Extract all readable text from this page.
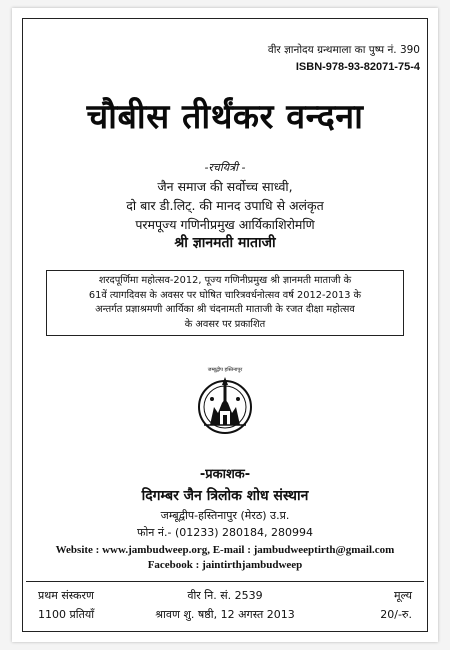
वीर ज्ञानोदय ग्रन्थमाला का पुष्प नं. 390
ISBN-978-93-82071-75-4
चौबीस तीर्थंकर वन्दना
-रचयित्री -
जैन समाज की सर्वोच्च साध्वी,
दो बार डी.लिट्. की मानद उपाधि से अलंकृत
परमपूज्य गणिनीप्रमुख आर्यिकाशिरोमणि
श्री ज्ञानमती माताजी
शरदपूर्णिमा महोत्सव-2012, पूज्य गणिनीप्रमुख श्री ज्ञानमती माताजी के
61वें त्यागदिवस के अवसर पर घोषित चारित्रवर्धनोत्सव वर्ष 2012-2013 के
अन्तर्गत प्रज्ञाश्रमणी आर्यिका श्री चंदनामती माताजी के रजत दीक्षा महोत्सव
के अवसर पर प्रकाशित
जम्बूद्वीप हस्तिनापुर
-प्रकाशक-
दिगम्बर जैन त्रिलोक शोध संस्थान
जम्बूद्वीप-हस्तिनापुर (मेरठ) उ.प्र.
फोन नं.- (01233) 280184, 280994
Website : www.jambudweep.org, E-mail : jambudweeptirth@gmail.com
Facebook : jaintirthjambudweep
प्रथम संस्करण
1100 प्रतियाँ
वीर नि. सं. 2539
श्रावण शु. षष्ठी, 12 अगस्त 2013
मूल्य
20/-रु.
